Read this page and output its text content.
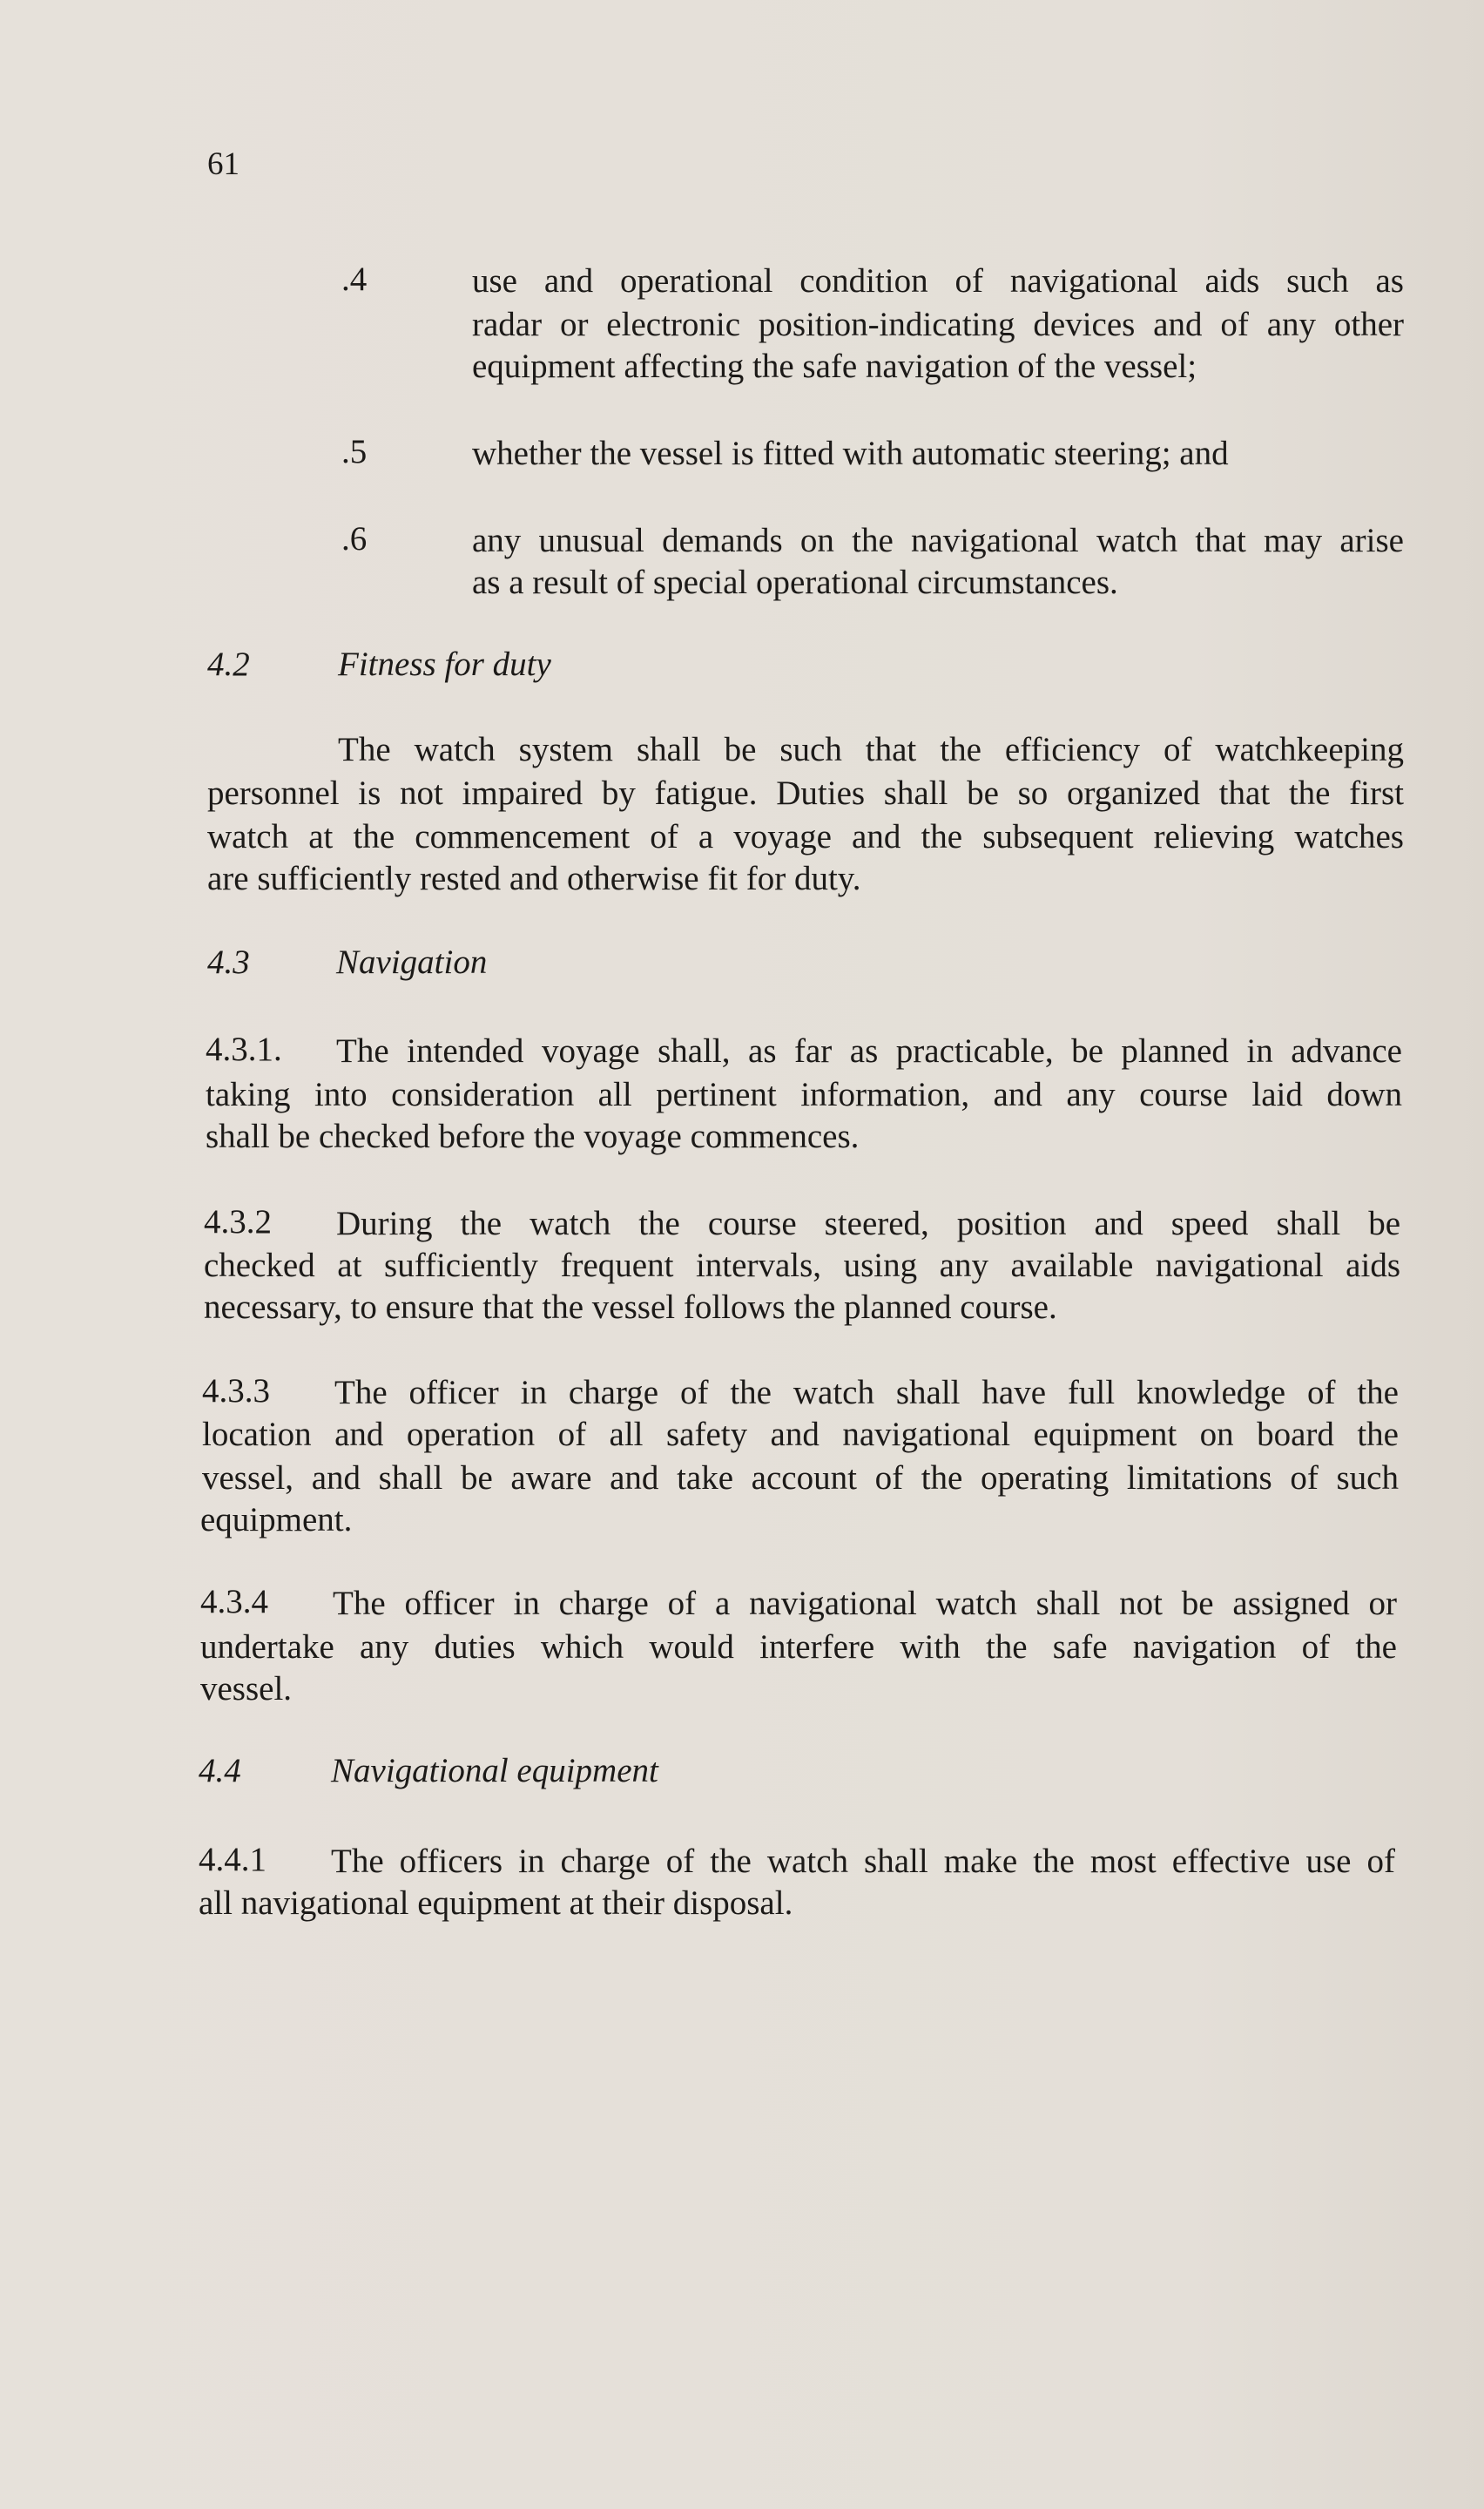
61
.4	use and operational condition of navigational aids such as
radar or electronic position-indicating devices and of any other
equipment affecting the safe navigation of the vessel;
.5	whether the vessel is fitted with automatic steering; and
.6	any unusual demands on the navigational watch that may arise
as a result of special operational circumstances.
4.2	Fitness for duty
The watch system shall be such that the efficiency of watchkeeping
personnel is not impaired by fatigue. Duties shall be so organized that the first
watch at the commencement of a voyage and the subsequent relieving watches
are sufficiently rested and otherwise fit for duty.
4.3	Navigation
4.3.1. The intended voyage shall, as far as practicable, be planned in advance
taking into consideration all pertinent information, and any course laid down
shall be checked before the voyage commences.
4.3.2 During the watch the course steered, position and speed shall be
checked at sufficiently frequent intervals, using any available navigational aids
necessary, to ensure that the vessel follows the planned course.
4.3.3 The officer in charge of the watch shall have full knowledge of the
location and operation of all safety and navigational equipment on board the
vessel, and shall be aware and take account of the operating limitations of such
equipment.
4.3.4 The officer in charge of a navigational watch shall not be assigned or
undertake any duties which would interfere with the safe navigation of the
vessel.
4.4	Navigational equipment
4.4.1 The officers in charge of the watch shall make the most effective use of
all navigational equipment at their disposal.
